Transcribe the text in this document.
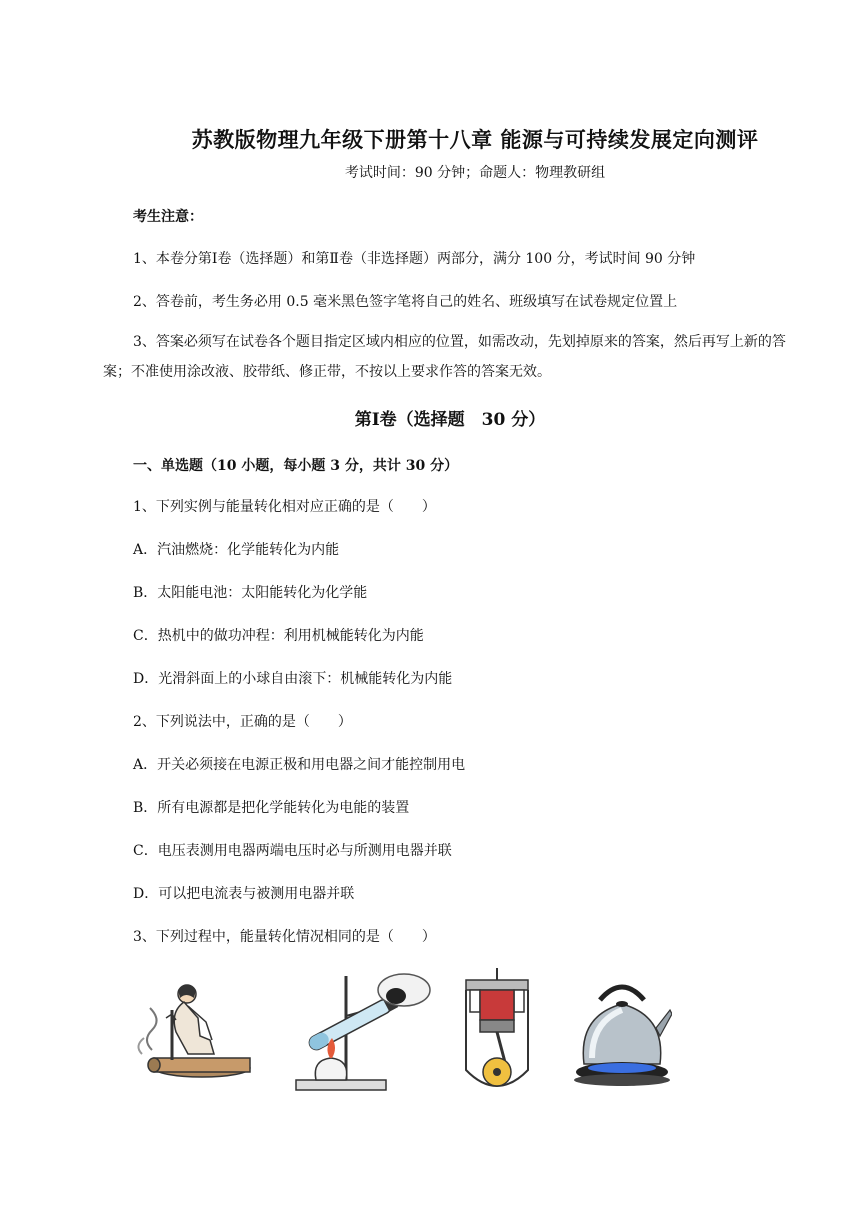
苏教版物理九年级下册第十八章 能源与可持续发展定向测评
考试时间：90 分钟；命题人：物理教研组
考生注意：
1、本卷分第Ⅰ卷（选择题）和第Ⅱ卷（非选择题）两部分，满分 100 分，考试时间 90 分钟
2、答卷前，考生务必用 0.5 毫米黑色签字笔将自己的姓名、班级填写在试卷规定位置上
3、答案必须写在试卷各个题目指定区域内相应的位置，如需改动，先划掉原来的答案，然后再写上新的答案；不准使用涂改液、胶带纸、修正带，不按以上要求作答的答案无效。
第Ⅰ卷（选择题　30 分）
一、单选题（10 小题，每小题 3 分，共计 30 分）
1、下列实例与能量转化相对应正确的是（　　）
A．汽油燃烧：化学能转化为内能
B．太阳能电池：太阳能转化为化学能
C．热机中的做功冲程：利用机械能转化为内能
D．光滑斜面上的小球自由滚下：机械能转化为内能
2、下列说法中，正确的是（　　）
A．开关必须接在电源正极和用电器之间才能控制用电
B．所有电源都是把化学能转化为电能的装置
C．电压表测用电器两端电压时必与所测用电器并联
D．可以把电流表与被测用电器并联
3、下列过程中，能量转化情况相同的是（　　）
